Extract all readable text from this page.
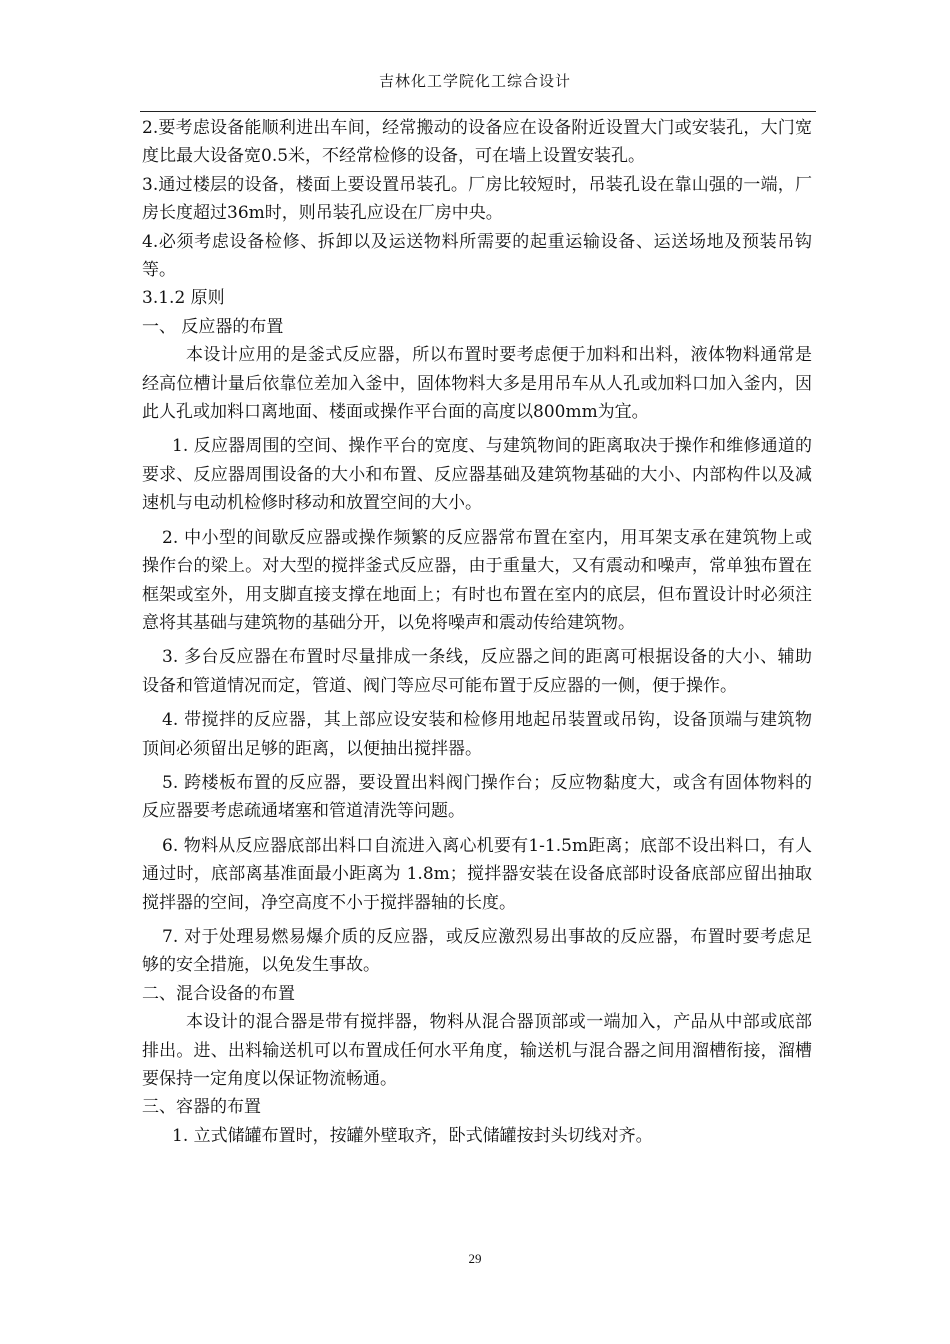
吉林化工学院化工综合设计

2.要考虑设备能顺利进出车间，经常搬动的设备应在设备附近设置大门或安装孔，大门宽度比最大设备宽0.5米，不经常检修的设备，可在墙上设置安装孔。

3.通过楼层的设备，楼面上要设置吊装孔。厂房比较短时，吊装孔设在靠山强的一端，厂房长度超过36m时，则吊装孔应设在厂房中央。

4.必须考虑设备检修、拆卸以及运送物料所需要的起重运输设备、运送场地及预装吊钩等。

3.1.2 原则

一、 反应器的布置

本设计应用的是釜式反应器，所以布置时要考虑便于加料和出料，液体物料通常是经高位槽计量后依靠位差加入釜中，固体物料大多是用吊车从人孔或加料口加入釜内，因此人孔或加料口离地面、楼面或操作平台面的高度以800mm为宜。

1. 反应器周围的空间、操作平台的宽度、与建筑物间的距离取决于操作和维修通道的要求、反应器周围设备的大小和布置、反应器基础及建筑物基础的大小、内部构件以及减速机与电动机检修时移动和放置空间的大小。

2. 中小型的间歇反应器或操作频繁的反应器常布置在室内，用耳架支承在建筑物上或操作台的梁上。对大型的搅拌釜式反应器，由于重量大，又有震动和噪声，常单独布置在框架或室外，用支脚直接支撑在地面上；有时也布置在室内的底层，但布置设计时必须注意将其基础与建筑物的基础分开，以免将噪声和震动传给建筑物。

3. 多台反应器在布置时尽量排成一条线，反应器之间的距离可根据设备的大小、辅助设备和管道情况而定，管道、阀门等应尽可能布置于反应器的一侧，便于操作。

4. 带搅拌的反应器，其上部应设安装和检修用地起吊装置或吊钩，设备顶端与建筑物顶间必须留出足够的距离，以便抽出搅拌器。

5. 跨楼板布置的反应器，要设置出料阀门操作台；反应物黏度大，或含有固体物料的反应器要考虑疏通堵塞和管道清洗等问题。

6. 物料从反应器底部出料口自流进入离心机要有1-1.5m距离；底部不设出料口，有人通过时，底部离基准面最小距离为 1.8m；搅拌器安装在设备底部时设备底部应留出抽取搅拌器的空间，净空高度不小于搅拌器轴的长度。

7. 对于处理易燃易爆介质的反应器，或反应激烈易出事故的反应器，布置时要考虑足够的安全措施，以免发生事故。

二、混合设备的布置

本设计的混合器是带有搅拌器，物料从混合器顶部或一端加入，产品从中部或底部排出。进、出料输送机可以布置成任何水平角度，输送机与混合器之间用溜槽衔接，溜槽要保持一定角度以保证物流畅通。

三、容器的布置

1. 立式储罐布置时，按罐外壁取齐，卧式储罐按封头切线对齐。

29
